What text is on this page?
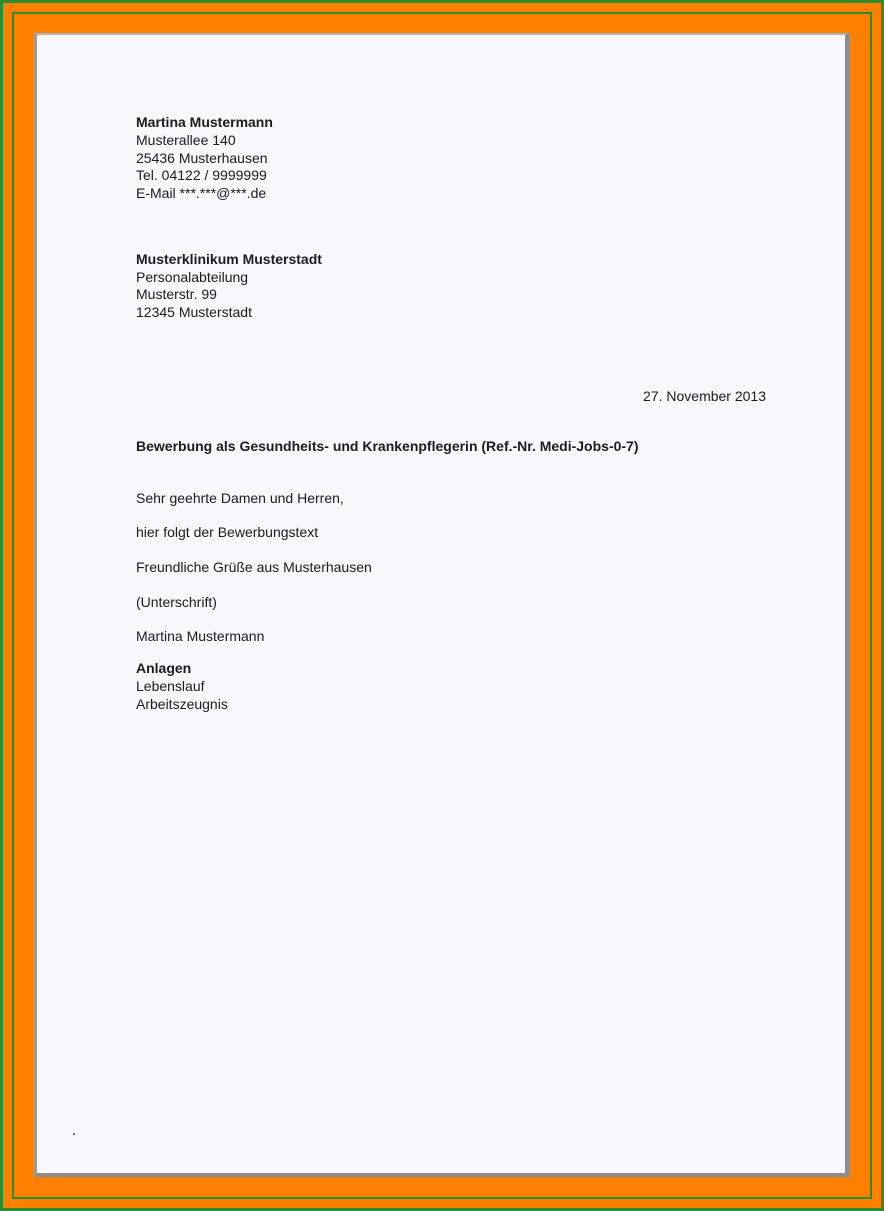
Martina Mustermann
Musterallee 140
25436 Musterhausen
Tel. 04122 / 9999999
E-Mail ***.***@***.de
Musterklinikum Musterstadt
Personalabteilung
Musterstr. 99
12345 Musterstadt
27. November 2013
Bewerbung als Gesundheits- und Krankenpflegerin (Ref.-Nr. Medi-Jobs-0-7)
Sehr geehrte Damen und Herren,
hier folgt der Bewerbungstext
Freundliche Grüße aus Musterhausen
(Unterschrift)
Martina Mustermann
Anlagen
Lebenslauf
Arbeitszeugnis
